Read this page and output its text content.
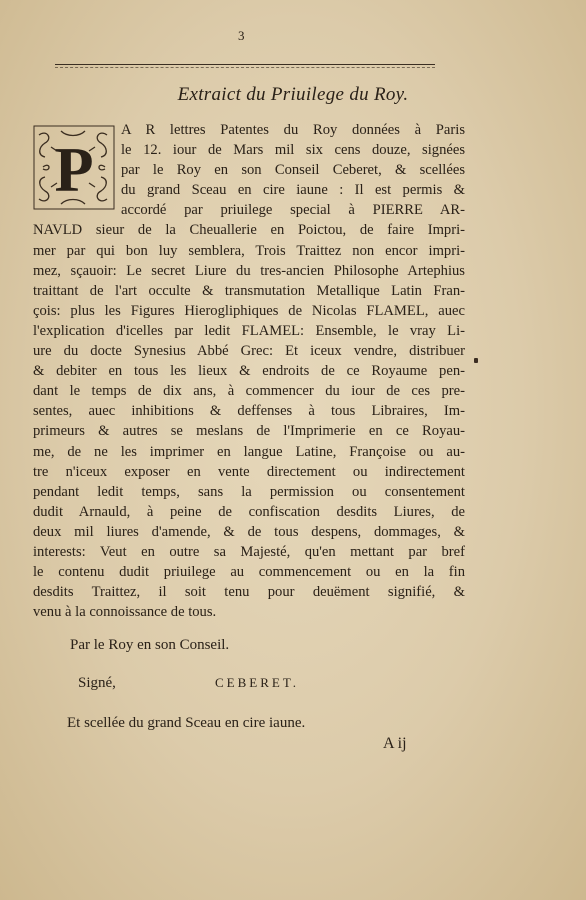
3
Extraict du Priuilege du Roy.
P
A R lettres Patentes du Roy données à Paris
le 12. iour de Mars mil six cens douze, signées
par le Roy en son Conseil Ceberet, & scellées
du grand Sceau en cire iaune : Il est permis &
accordé par priuilege special à PIERRE AR-
NAVLD sieur de la Cheuallerie en Poictou, de faire Impri-
mer par qui bon luy semblera, Trois Traittez non encor impri-
mez, sçauoir: Le secret Liure du tres-ancien Philosophe Artephius
traittant de l'art occulte & transmutation Metallique Latin Fran-
çois: plus les Figures Hierogliphiques de Nicolas FLAMEL, auec
l'explication d'icelles par ledit FLAMEL: Ensemble, le vray Li-
ure du docte Synesius Abbé Grec: Et iceux vendre, distribuer
& debiter en tous les lieux & endroits de ce Royaume pen-
dant le temps de dix ans, à commencer du iour de ces pre-
sentes, auec inhibitions & deffenses à tous Libraires, Im-
primeurs & autres se meslans de l'Imprimerie en ce Royau-
me, de ne les imprimer en langue Latine, Françoise ou au-
tre n'iceux exposer en vente directement ou indirectement
pendant ledit temps, sans la permission ou consentement
dudit Arnauld, à peine de confiscation desdits Liures, de
deux mil liures d'amende, & de tous despens, dommages, &
interests: Veut en outre sa Majesté, qu'en mettant par bref
le contenu dudit priuilege au commencement ou en la fin
desdits Traittez, il soit tenu pour deuëment signifié, &
venu à la connoissance de tous.
Par le Roy en son Conseil.
Signé,	CEBERET.
Et scellée du grand Sceau en cire iaune.
A ij
